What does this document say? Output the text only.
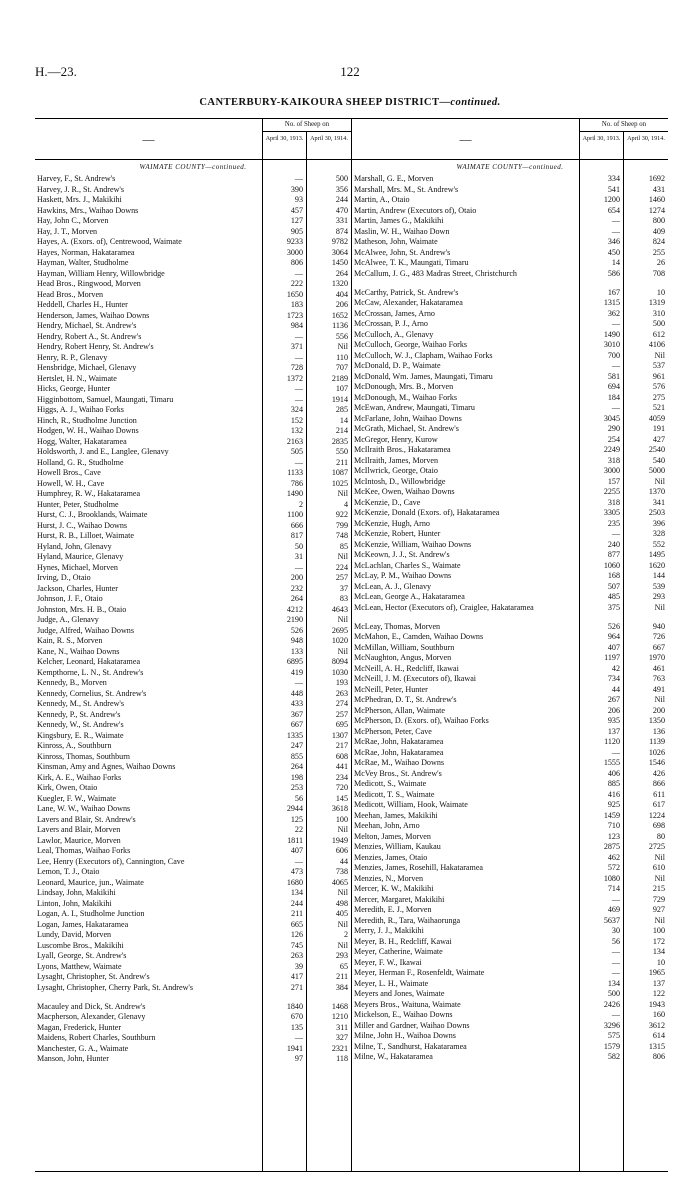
H.—23.	122
CANTERBURY-KAIKOURA SHEEP DISTRICT—continued.
—
No. of Sheep on
April 30, 1913.	April 30, 1914.
WAIMATE COUNTY—continued.
Harvey, F., St. Andrew's	—	500
Harvey, J. R., St. Andrew's	390	356
Haskett, Mrs. J., Makikihi	93	244
Hawkins, Mrs., Waihao Downs	457	470
Hay, John C., Morven	127	331
Hay, J. T., Morven	905	874
Hayes, A. (Exors. of), Centrewood, Waimate	9233	9782
Hayes, Norman, Hakataramea	3000	3064
Hayman, Walter, Studholme	806	1450
Hayman, William Henry, Willowbridge	—	264
Head Bros., Ringwood, Morven	222	1320
Head Bros., Morven	1650	404
Heddell, Charles H., Hunter	183	206
Henderson, James, Waihao Downs	1723	1652
Hendry, Michael, St. Andrew's	984	1136
Hendry, Robert A., St. Andrew's	—	556
Hendry, Robert Henry, St. Andrew's	371	Nil
Henry, R. P., Glenavy	—	110
Hensbridge, Michael, Glenavy	728	707
Hertslet, H. N., Waimate	1372	2189
Hicks, George, Hunter	—	107
Higginbottom, Samuel, Maungati, Timaru	—	1914
Higgs, A. J., Waihao Forks	324	285
Hinch, R., Studholme Junction	152	14
Hodgen, W. H., Waihao Downs	132	214
Hogg, Walter, Hakataramea	2163	2835
Holdsworth, J. and E., Langlee, Glenavy	505	550
Holland, G. R., Studholme	—	211
Howell Bros., Cave	1133	1087
Howell, W. H., Cave	786	1025
Humphrey, R. W., Hakataramea	1490	Nil
Hunter, Peter, Studholme	2	4
Hurst, C. J., Brooklands, Waimate	1100	922
Hurst, J. C., Waihao Downs	666	799
Hurst, R. B., Lilloet, Waimate	817	748
Hyland, John, Glenavy	50	85
Hyland, Maurice, Glenavy	31	Nil
Hynes, Michael, Morven	—	224
Irving, D., Otaio	200	257
Jackson, Charles, Hunter	232	37
Johnson, J. F., Otaio	264	83
Johnston, Mrs. H. B., Otaio	4212	4643
Judge, A., Glenavy	2190	Nil
Judge, Alfred, Waihao Downs	526	2695
Kain, R. S., Morven	948	1020
Kane, N., Waihao Downs	133	Nil
Kelcher, Leonard, Hakataramea	6895	8094
Kempthorne, L. N., St. Andrew's	419	1030
Kennedy, B., Morven	—	193
Kennedy, Cornelius, St. Andrew's	448	263
Kennedy, M., St. Andrew's	433	274
Kennedy, P., St. Andrew's	367	257
Kennedy, W., St. Andrew's	667	695
Kingsbury, E. R., Waimate	1335	1307
Kinross, A., Southburn	247	217
Kinross, Thomas, Southburn	855	608
Kinsman, Amy and Agnes, Waihao Downs	264	441
Kirk, A. E., Waihao Forks	198	234
Kirk, Owen, Otaio	253	720
Kuegler, F. W., Waimate	56	145
Lane, W. W., Waihao Downs	2944	3618
Lavers and Blair, St. Andrew's	125	100
Lavers and Blair, Morven	22	Nil
Lawlor, Maurice, Morven	1811	1949
Leal, Thomas, Waihao Forks	407	606
Lee, Henry (Executors of), Cannington, Cave	—	44
Lemon, T. J., Otaio	473	738
Leonard, Maurice, jun., Waimate	1680	4065
Lindsay, John, Makikihi	134	Nil
Linton, John, Makikihi	244	498
Logan, A. I., Studholme Junction	211	405
Logan, James, Hakataramea	665	Nil
Lundy, David, Morven	126	2
Luscombe Bros., Makikihi	745	Nil
Lyall, George, St. Andrew's	263	293
Lyons, Matthew, Waimate	39	65
Lysaght, Christopher, St. Andrew's	417	211
Lysaght, Christopher, Cherry Park, St. Andrew's	271	384
Macauley and Dick, St. Andrew's	1840	1468
Macpherson, Alexander, Glenavy	670	1210
Magan, Frederick, Hunter	135	311
Maidens, Robert Charles, Southburn	—	327
Manchester, G. A., Waimate	1941	2321
Manson, John, Hunter	97	118
—
No. of Sheep on
April 30, 1913.	April 30, 1914.
WAIMATE COUNTY—continued.
Marshall, G. E., Morven	334	1692
Marshall, Mrs. M., St. Andrew's	541	431
Martin, A., Otaio	1200	1460
Martin, Andrew (Executors of), Otaio	654	1274
Martin, James G., Makikihi	—	800
Maslin, W. H., Waihao Down	—	409
Matheson, John, Waimate	346	824
McAlwee, John, St. Andrew's	450	255
McAlwee, T. K., Maungati, Timaru	14	26
McCallum, J. G., 483 Madras Street, Christchurch	586	708
McCarthy, Patrick, St. Andrew's	167	10
McCaw, Alexander, Hakataramea	1315	1319
McCrossan, James, Arno	362	310
McCrossan, P. J., Arno	—	500
McCulloch, A., Glenavy	1490	612
McCulloch, George, Waihao Forks	3010	4106
McCulloch, W. J., Clapham, Waihao Forks	700	Nil
McDonald, D. P., Waimate	—	537
McDonald, Wm. James, Maungati, Timaru	581	961
McDonough, Mrs. B., Morven	694	576
McDonough, M., Waihao Forks	184	275
McEwan, Andrew, Maungati, Timaru	—	521
McFarlane, John, Waihao Downs	3045	4059
McGrath, Michael, St. Andrew's	290	191
McGregor, Henry, Kurow	254	427
McIlraith Bros., Hakataramea	2249	2540
McIlraith, James, Morven	318	540
McIlwrick, George, Otaio	3000	5000
McIntosh, D., Willowbridge	157	Nil
McKee, Owen, Waihao Downs	2255	1370
McKenzie, D., Cave	318	341
McKenzie, Donald (Exors. of), Hakataramea	3305	2503
McKenzie, Hugh, Arno	235	396
McKenzie, Robert, Hunter	—	328
McKenzie, William, Waihao Downs	240	552
McKeown, J. J., St. Andrew's	877	1495
McLachlan, Charles S., Waimate	1060	1620
McLay, P. M., Waihao Downs	168	144
McLean, A. J., Glenavy	507	539
McLean, George A., Hakataramea	485	293
McLean, Hector (Executors of), Craiglee, Hakataramea	375	Nil
McLeay, Thomas, Morven	526	940
McMahon, E., Camden, Waihao Downs	964	726
McMillan, William, Southburn	407	667
McNaughton, Angus, Morven	1197	1970
McNeill, A. H., Redcliff, Ikawai	42	461
McNeill, J. M. (Executors of), Ikawai	734	763
McNeill, Peter, Hunter	44	491
McPhedran, D. T., St. Andrew's	267	Nil
McPherson, Allan, Waimate	206	200
McPherson, D. (Exors. of), Waihao Forks	935	1350
McPherson, Peter, Cave	137	136
McRae, John, Hakataramea	1120	1139
McRae, John, Hakataramea	—	1026
McRae, M., Waihao Downs	1555	1546
McVey Bros., St. Andrew's	406	426
Medicott, S., Waimate	885	866
Medicott, T. S., Waimate	416	611
Medicott, William, Hook, Waimate	925	617
Meehan, James, Makikihi	1459	1224
Meehan, John, Arno	710	698
Melton, James, Morven	123	80
Menzies, William, Kaukau	2875	2725
Menzies, James, Otaio	462	Nil
Menzies, James, Rosehill, Hakataramea	572	610
Menzies, N., Morven	1080	Nil
Mercer, K. W., Makikihi	714	215
Mercer, Margaret, Makikihi	—	729
Meredith, E. J., Morven	469	927
Meredith, R., Tara, Waihaorunga	5637	Nil
Merry, J. J., Makikihi	30	100
Meyer, B. H., Redcliff, Kawai	56	172
Meyer, Catherine, Waimate	—	134
Meyer, F. W., Ikawai	—	10
Meyer, Herman F., Rosenfeldt, Waimate	—	1965
Meyer, L. H., Waimate	134	137
Meyers and Jones, Waimate	500	122
Meyers Bros., Waituna, Waimate	2426	1943
Mickelson, E., Waihao Downs	—	160
Miller and Gardner, Waihao Downs	3296	3612
Milne, John H., Waihoa Downs	575	614
Milne, T., Sandhurst, Hakataramea	1579	1315
Milne, W., Hakataramea	582	806
